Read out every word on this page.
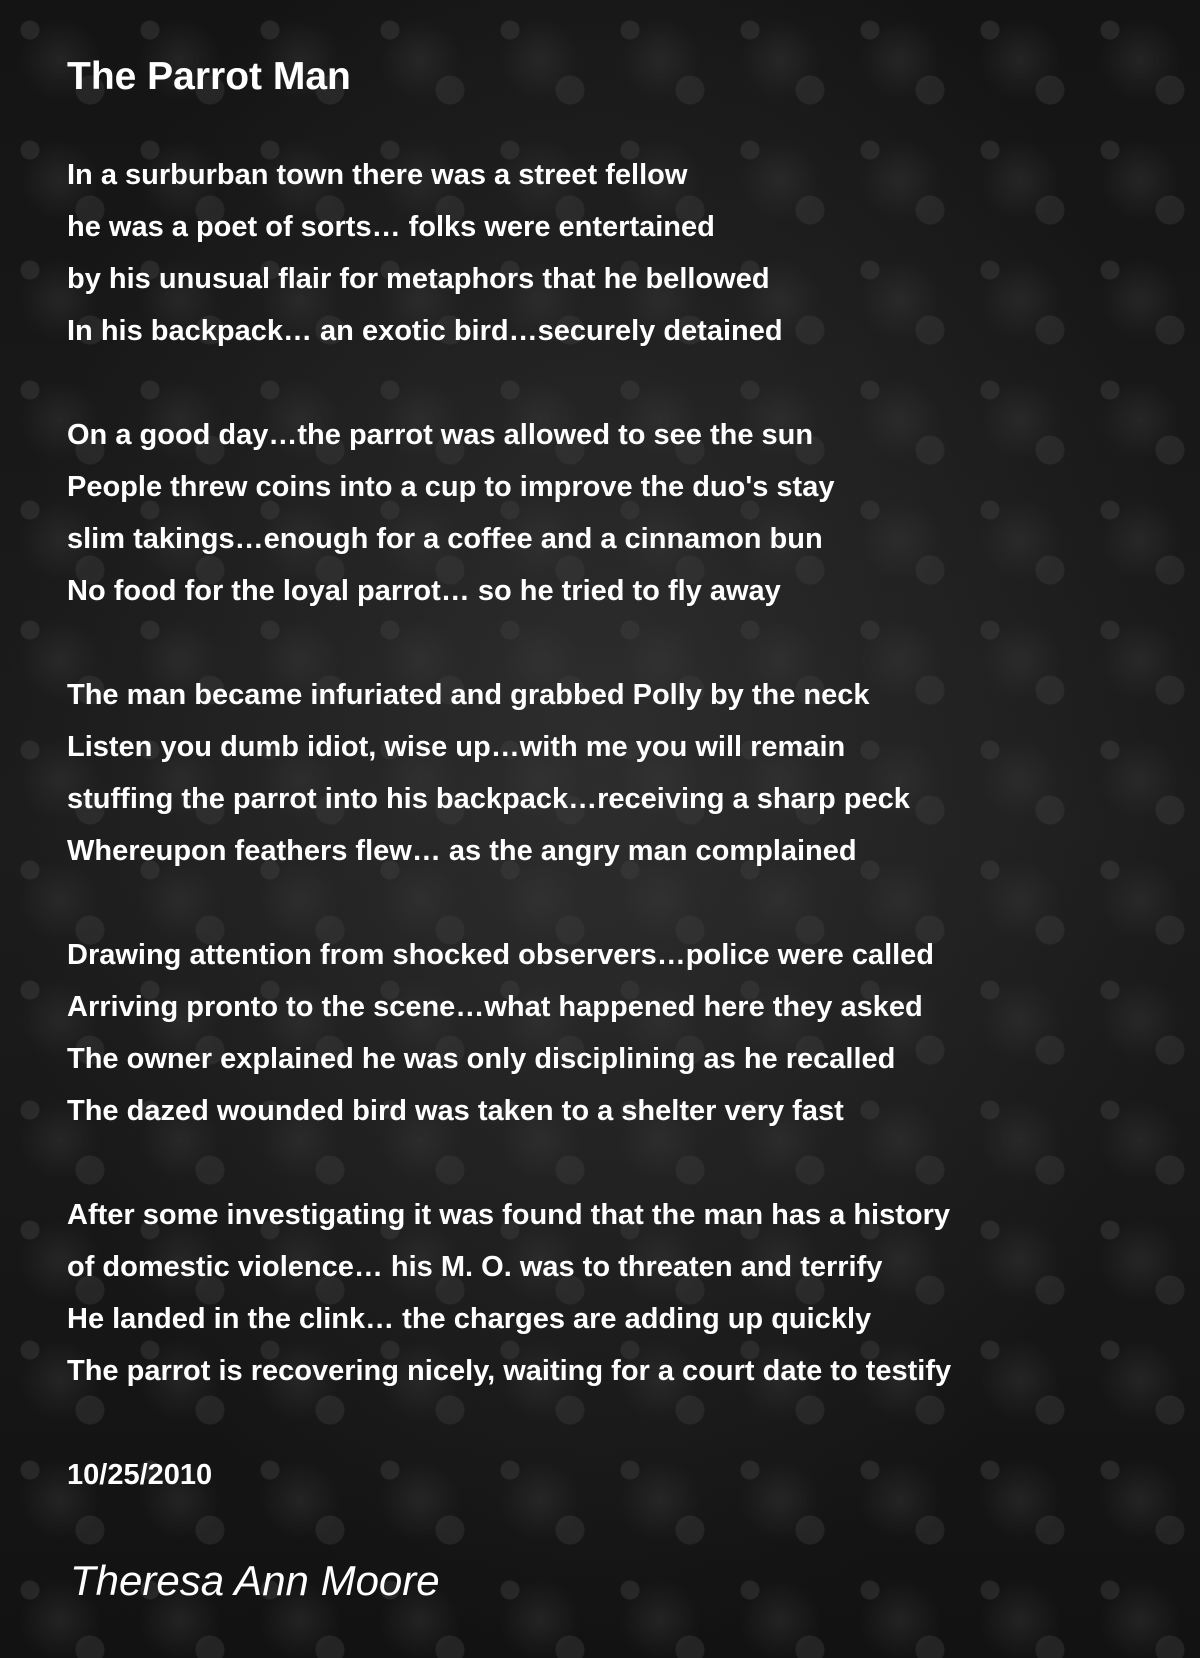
The Parrot Man
In a surburban town there was a street fellow
he was a poet of sorts… folks were entertained
by his unusual flair for metaphors that he bellowed
In his backpack… an exotic bird…securely detained
On a good day…the parrot was allowed to see the sun
People threw coins into a cup to improve the duo's stay
slim takings…enough for a coffee and a cinnamon bun
No food for the loyal parrot… so he tried to fly away
The man became infuriated and grabbed Polly by the neck
Listen you dumb idiot, wise up…with me you will remain
stuffing the parrot into his backpack…receiving a sharp peck
Whereupon feathers flew… as the angry man complained
Drawing attention from shocked observers…police were called
Arriving pronto to the scene…what happened here they asked
The owner explained he was only disciplining as he recalled
The dazed wounded bird was taken to a shelter very fast
After some investigating it was found that the man has a history
of domestic violence… his M. O. was to threaten and terrify
He landed in the clink… the charges are adding up quickly
The parrot is recovering nicely, waiting for a court date to testify
10/25/2010
Theresa Ann Moore
